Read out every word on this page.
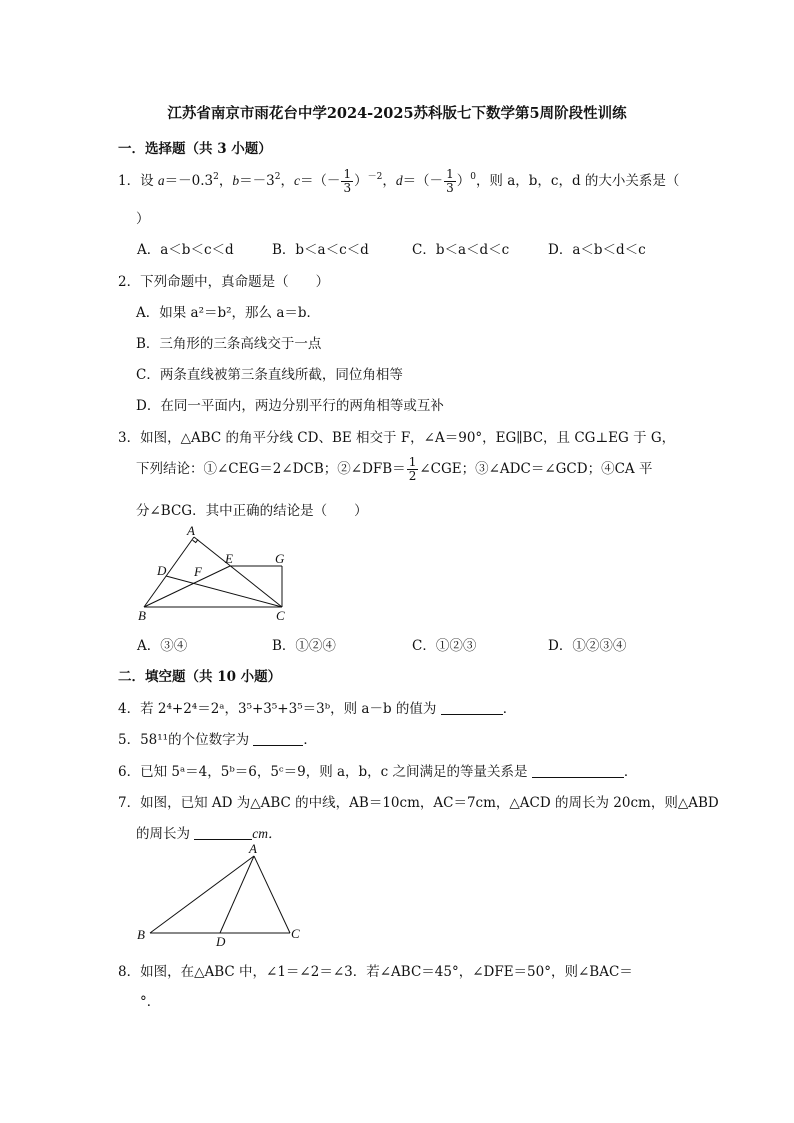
江苏省南京市雨花台中学2024-2025苏科版七下数学第5周阶段性训练
一．选择题（共 3 小题）
1．设 $a=-0.3^2$，$b=-3^2$，$c=(- \frac{1}{3} )^{-2}$，$d=(- \frac{1}{3} )^0$，则 a，b，c，d 的大小关系是（
）
A．a＜b＜c＜d	B．b＜a＜c＜d	C．b＜a＜d＜c	D．a＜b＜d＜c
2．下列命题中，真命题是（　　）
A．如果 a²＝b²，那么 a＝b．
B．三角形的三条高线交于一点
C．两条直线被第三条直线所截，同位角相等
D．在同一平面内，两边分别平行的两角相等或互补
3．如图，△ABC 的角平分线 CD、BE 相交于 F，∠A＝90°，EG∥BC，且 CG⊥EG 于 G，
下列结论：①∠CEG＝2∠DCB；②∠DFB＝ $\frac{1}{2}$ ∠CGE；③∠ADC＝∠GCD；④CA 平
分∠BCG．其中正确的结论是（　　）
A
B	C
D
E
F
G
A．③④	B．①②④	C．①②③	D．①②③④
二．填空题（共 10 小题）
4．若 2⁴+2⁴＝2ᵃ，3⁵+3⁵+3⁵＝3ᵇ，则 a－b 的值为	．
5．58¹¹的个位数字为	．
6．已知 5ᵃ＝4，5ᵇ＝6，5ᶜ＝9，则 a，b，c 之间满足的等量关系是	．
7．如图，已知 AD 为△ABC 的中线，AB＝10cm，AC＝7cm，△ACD 的周长为 20cm，则△ABD
的周长为	cm．
A
B	C
D
8．如图，在△ABC 中，∠1＝∠2＝∠3．若∠ABC＝45°，∠DFE＝50°，则∠BAC＝
°．
